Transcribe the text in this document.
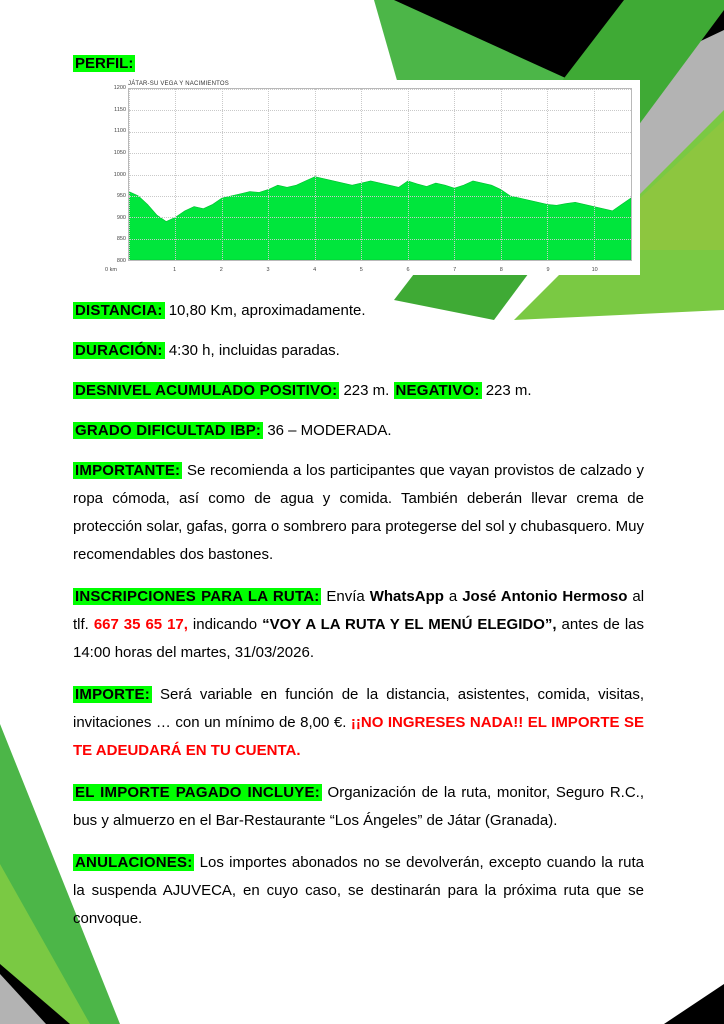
PERFIL:
JÁTAR-SU VEGA Y NACIMIENTOS
800
850
900
950
1000
1050
1100
1150
1200
1	2	3	4	5	6	7	8	9	10
0 km
DISTANCIA: 10,80 Km, aproximadamente.
DURACIÓN: 4:30 h, incluidas paradas.
DESNIVEL ACUMULADO POSITIVO: 223 m. NEGATIVO: 223 m.
GRADO DIFICULTAD IBP: 36 – MODERADA.
IMPORTANTE: Se recomienda a los participantes que vayan provistos de calzado y ropa cómoda, así como de agua y comida. También deberán llevar crema de protección solar, gafas, gorra o sombrero para protegerse del sol y chubasquero. Muy recomendables dos bastones.
INSCRIPCIONES PARA LA RUTA: Envía WhatsApp a José Antonio Hermoso al tlf. 667 35 65 17, indicando “VOY A LA RUTA Y EL MENÚ ELEGIDO”, antes de las 14:00 horas del martes, 31/03/2026.
IMPORTE: Será variable en función de la distancia, asistentes, comida, visitas, invitaciones … con un mínimo de 8,00 €. ¡¡NO INGRESES NADA!! EL IMPORTE SE TE ADEUDARÁ EN TU CUENTA.
EL IMPORTE PAGADO INCLUYE: Organización de la ruta, monitor, Seguro R.C., bus y almuerzo en el Bar-Restaurante “Los Ángeles” de Játar (Granada).
ANULACIONES: Los importes abonados no se devolverán, excepto cuando la ruta la suspenda AJUVECA, en cuyo caso, se destinarán para la próxima ruta que se convoque.
